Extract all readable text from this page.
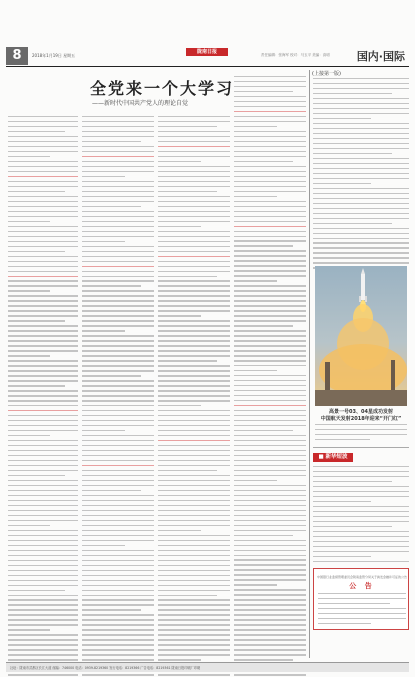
8	2018年1月19日 星期五
陇南日报	责任编辑：张海军 校对：马玉平 美编：高明 国内·国际
全党来一个大学习
——新时代中国共产党人的理论自觉
(上接第一版)
高景一号03、04星成功发射
中国航天发射2018年迎来“开门红”
■ 新华短波
中国银行业监督管理委员会陇南监管分局关于换发金融许可证的公告
公 告
社址：陇南市武都区长江大道 邮编：746000 电话：0939-8219360 发行电话：8219366 广告电话：8219361 陇南日报印刷厂印刷
